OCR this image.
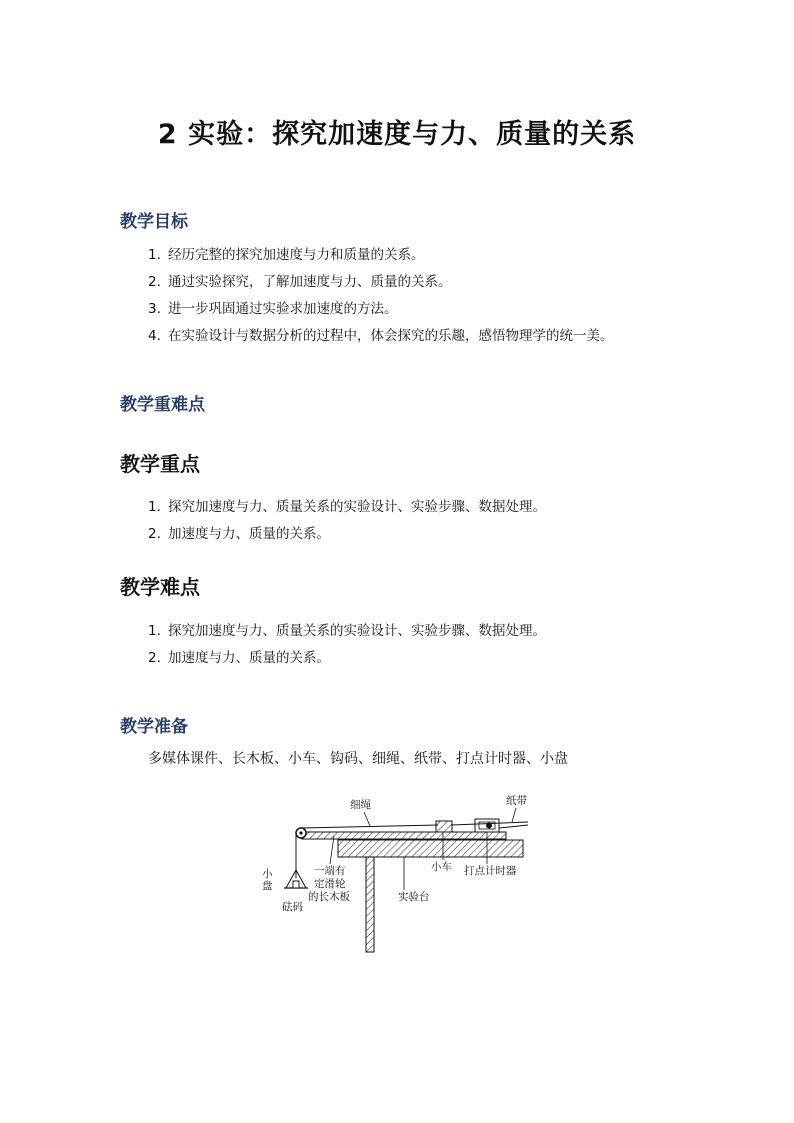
2 实验：探究加速度与力、质量的关系
教学目标
1. 经历完整的探究加速度与力和质量的关系。
2. 通过实验探究，了解加速度与力、质量的关系。
3. 进一步巩固通过实验求加速度的方法。
4. 在实验设计与数据分析的过程中，体会探究的乐趣，感悟物理学的统一美。
教学重难点
教学重点
1. 探究加速度与力、质量关系的实验设计、实验步骤、数据处理。
2. 加速度与力、质量的关系。
教学难点
1. 探究加速度与力、质量关系的实验设计、实验步骤、数据处理。
2. 加速度与力、质量的关系。
教学准备
多媒体课件、长木板、小车、钩码、细绳、纸带、打点计时器、小盘
细绳	纸带
小车 打点计时器
小
盘
砝码
一端有
定滑轮
的长木板	实验台
